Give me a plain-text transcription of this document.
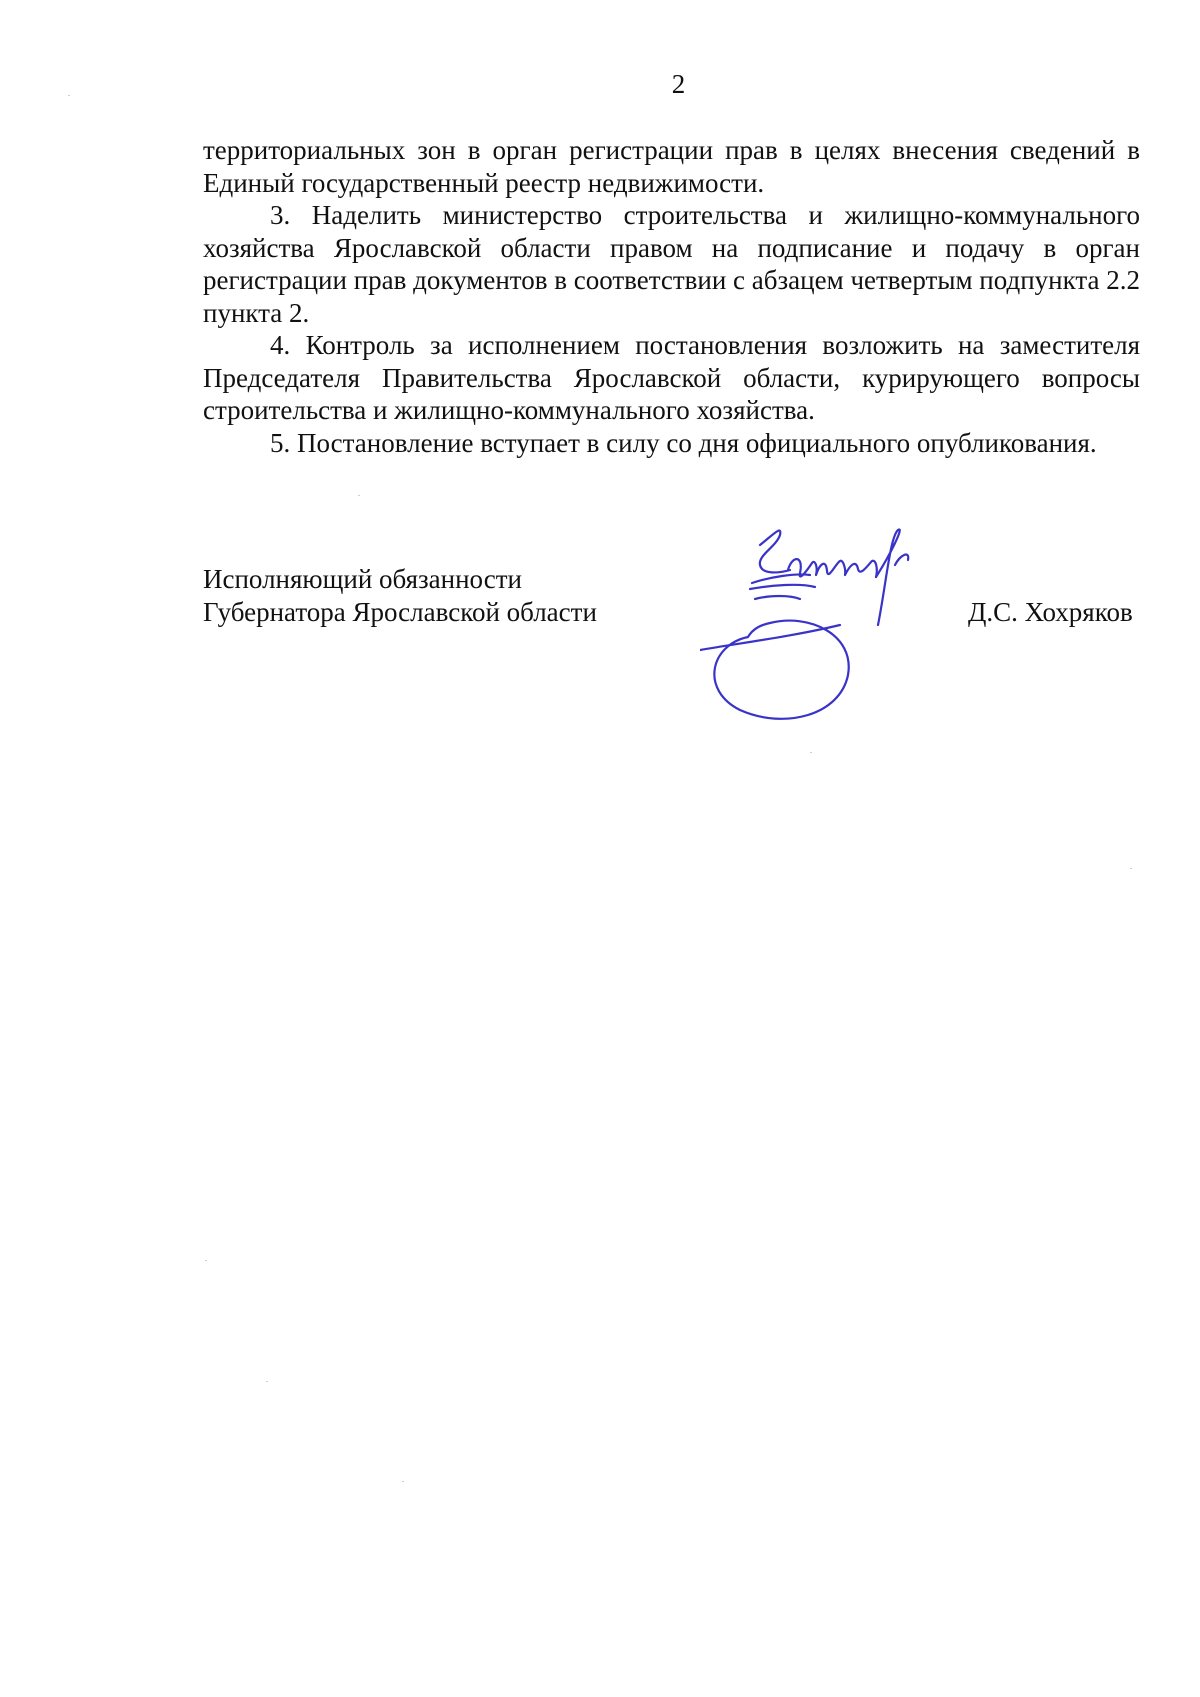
2

территориальных зон в орган регистрации прав в целях внесения сведений в Единый государственный реестр недвижимости.

3. Наделить министерство строительства и жилищно-коммунального хозяйства Ярославской области правом на подписание и подачу в орган регистрации прав документов в соответствии с абзацем четвертым подпункта 2.2 пункта 2.

4. Контроль за исполнением постановления возложить на заместителя Председателя Правительства Ярославской области, курирующего вопросы строительства и жилищно-коммунального хозяйства.

5. Постановление вступает в силу со дня официального опубликования.

Исполняющий обязанности
Губернатора Ярославской области	Д.С. Хохряков
